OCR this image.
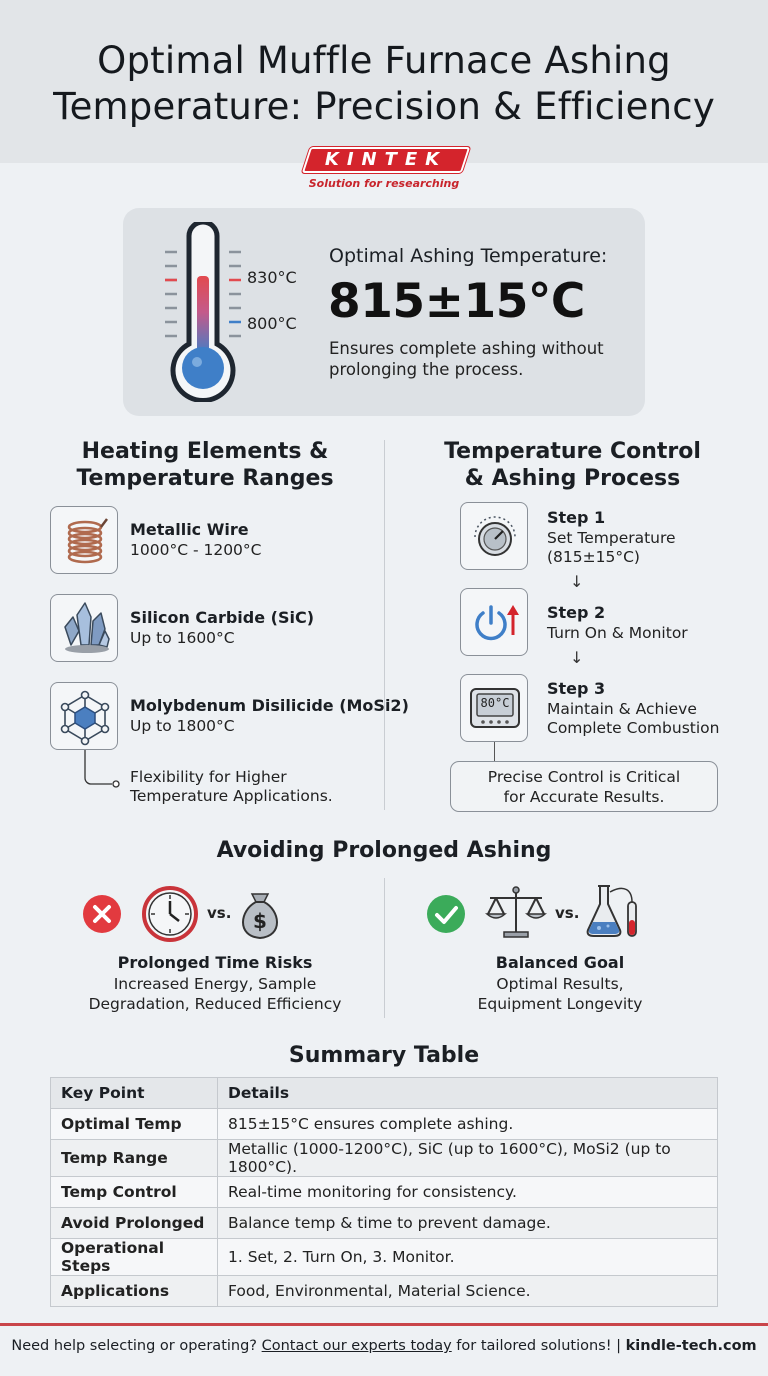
Optimal Muffle Furnace Ashing
Temperature: Precision & Efficiency
KINTEK
Solution for researching
830°C
800°C
Optimal Ashing Temperature:
815±15°C
Ensures complete ashing without prolonging the process.
Heating Elements &
Temperature Ranges
Metallic Wire
1000°C - 1200°C
Silicon Carbide (SiC)
Up to 1600°C
Molybdenum Disilicide (MoSi2)
Up to 1800°C
Flexibility for Higher
Temperature Applications.
Temperature Control
& Ashing Process
Step 1
Set Temperature
(815±15°C)
↓
Step 2
Turn On & Monitor
↓
80°C
Step 3
Maintain & Achieve
Complete Combustion
Precise Control is Critical
for Accurate Results.
Avoiding Prolonged Ashing
vs. $
Prolonged Time Risks
Increased Energy, Sample
Degradation, Reduced Efficiency
vs.
Balanced Goal
Optimal Results,
Equipment Longevity
Summary Table
Key Point	Details
Optimal Temp	815±15°C ensures complete ashing.
Temp Range	Metallic (1000-1200°C), SiC (up to 1600°C), MoSi2 (up to 1800°C).
Temp Control	Real-time monitoring for consistency.
Avoid Prolonged	Balance temp & time to prevent damage.
Operational Steps	1. Set, 2. Turn On, 3. Monitor.
Applications	Food, Environmental, Material Science.
Need help selecting or operating? Contact our experts today for tailored solutions! | kindle-tech.com
